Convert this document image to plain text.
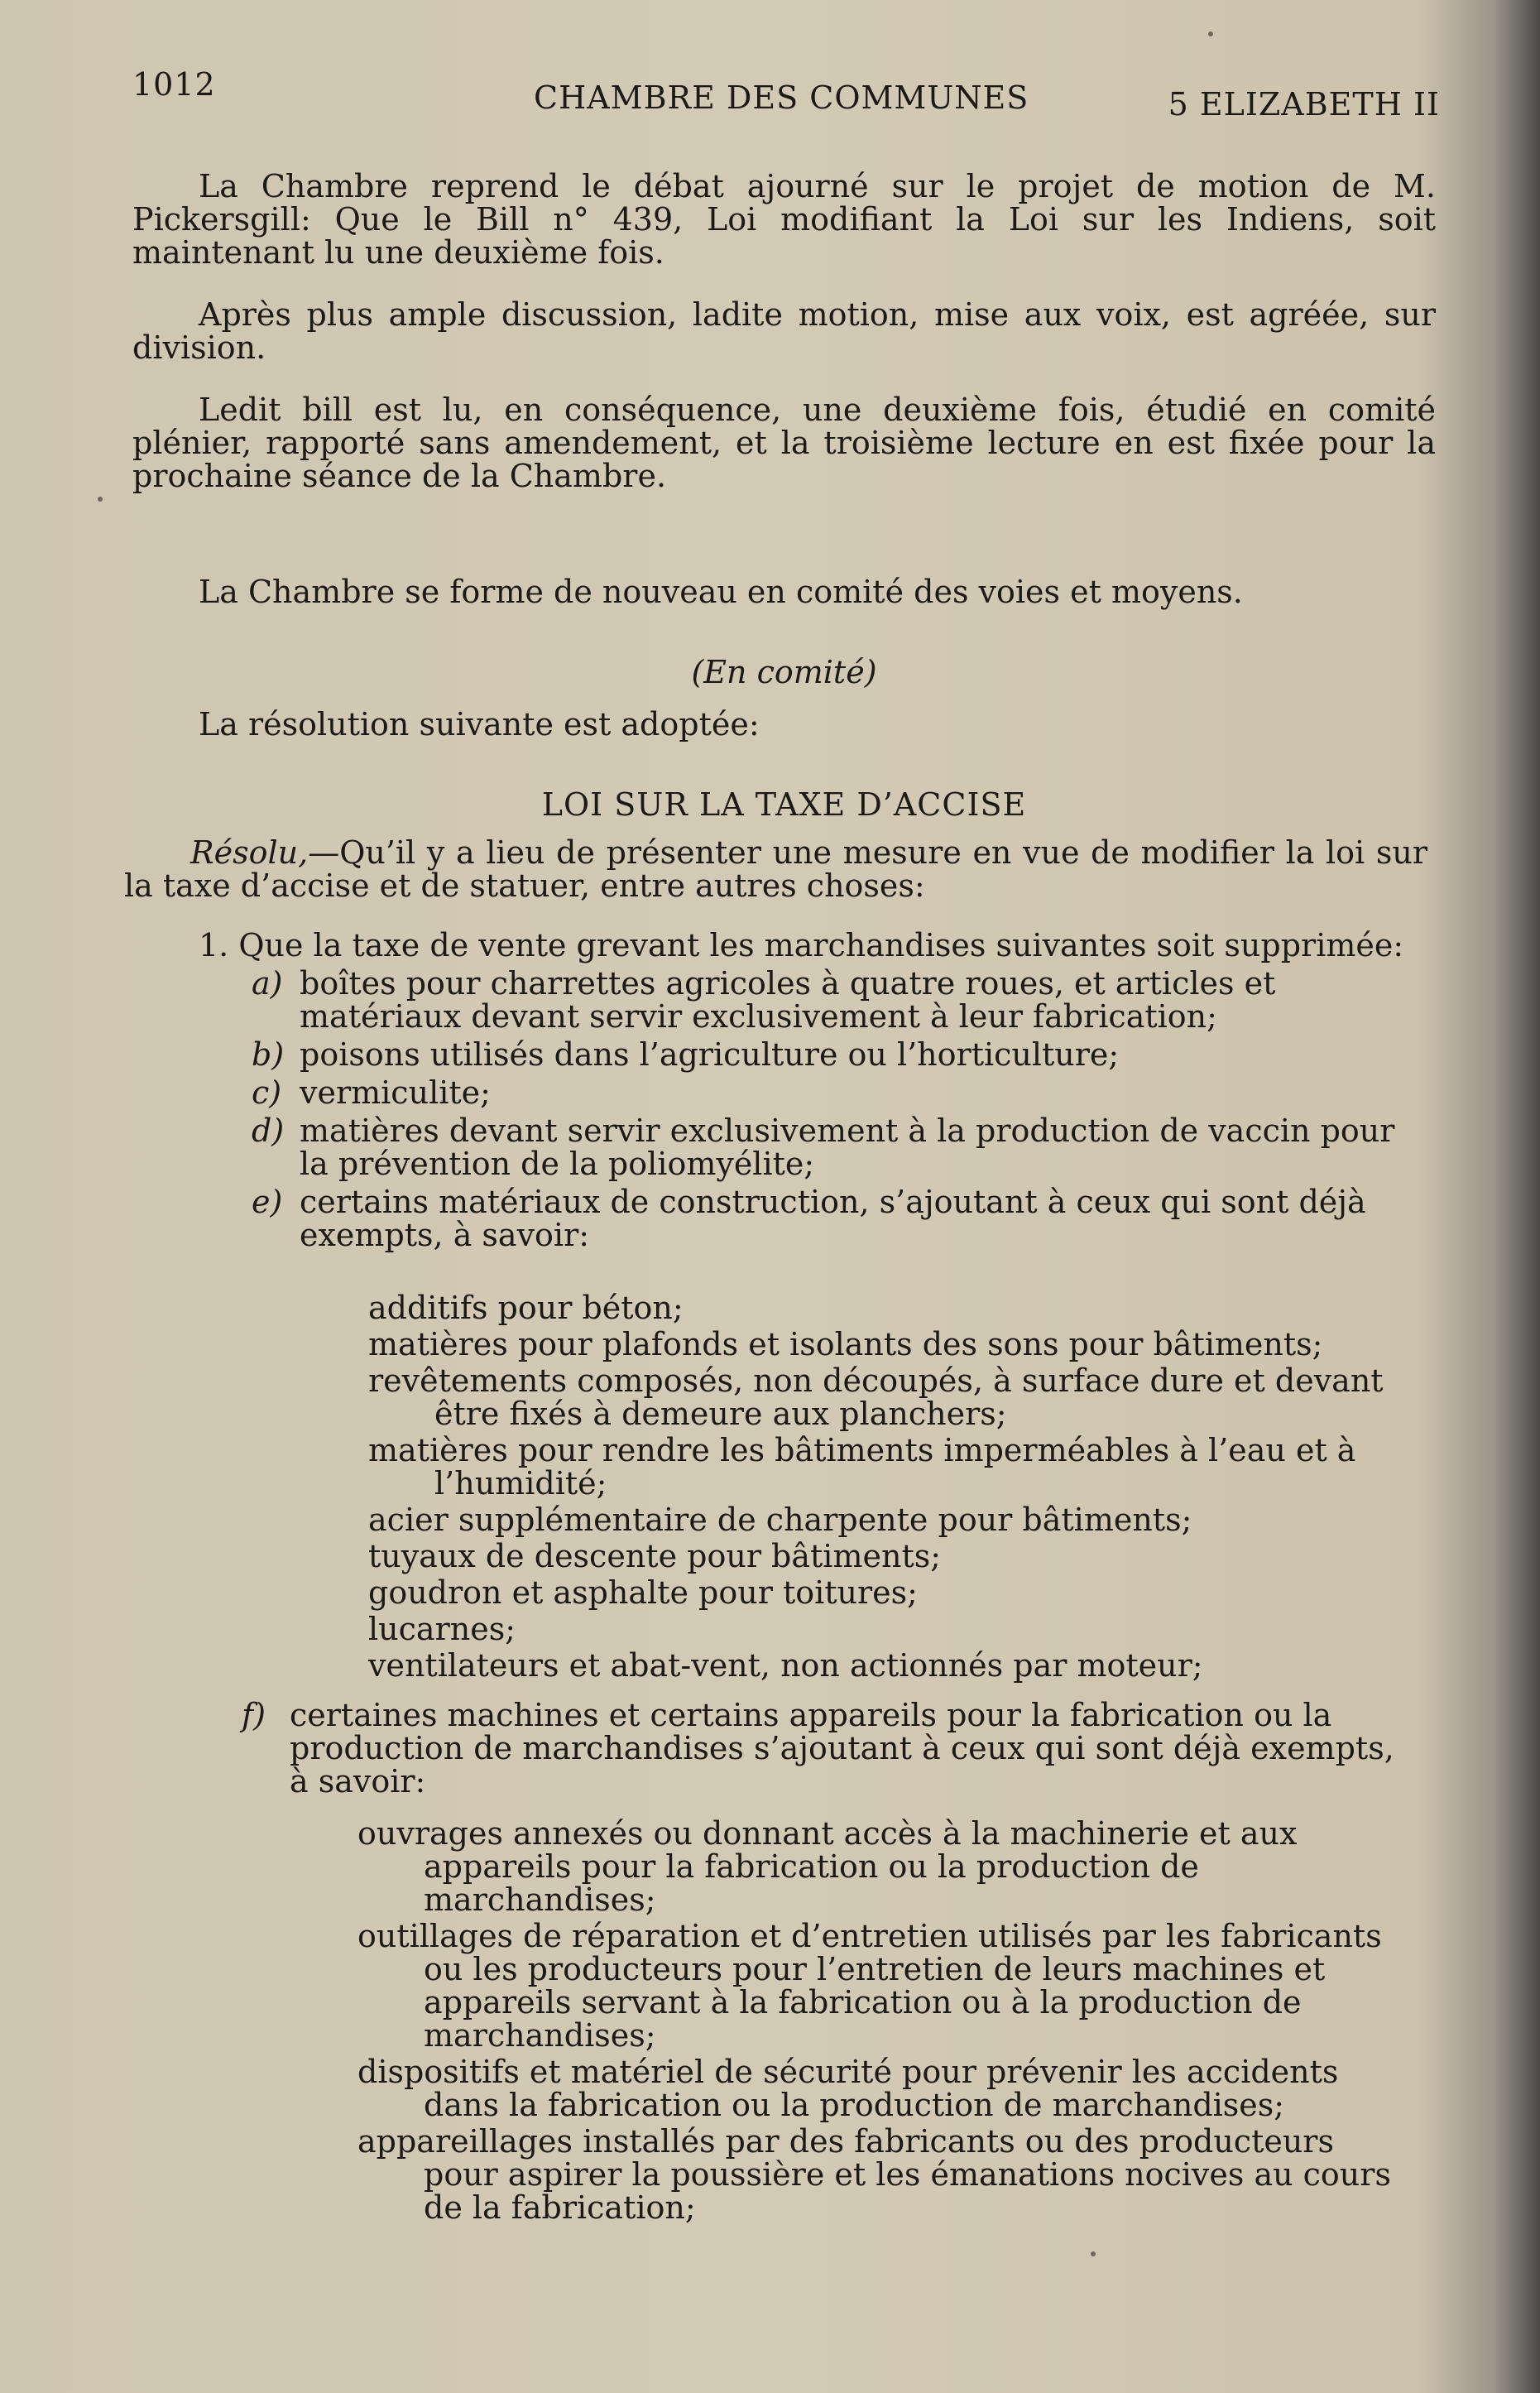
1012	CHAMBRE DES COMMUNES	5 ELIZABETH II
La Chambre reprend le débat ajourné sur le projet de motion de M. Pickersgill: Que le Bill n° 439, Loi modifiant la Loi sur les Indiens, soit maintenant lu une deuxième fois.
Après plus ample discussion, ladite motion, mise aux voix, est agréée, sur division.
Ledit bill est lu, en conséquence, une deuxième fois, étudié en comité plénier, rapporté sans amendement, et la troisième lecture en est fixée pour la prochaine séance de la Chambre.
La Chambre se forme de nouveau en comité des voies et moyens.
(En comité)
La résolution suivante est adoptée:
LOI SUR LA TAXE D’ACCISE
Résolu,—Qu’il y a lieu de présenter une mesure en vue de modifier la loi sur la taxe d’accise et de statuer, entre autres choses:
1. Que la taxe de vente grevant les marchandises suivantes soit supprimée:
a) boîtes pour charrettes agricoles à quatre roues, et articles et matériaux devant servir exclusivement à leur fabrication;
b) poisons utilisés dans l’agriculture ou l’horticulture;
c) vermiculite;
d) matières devant servir exclusivement à la production de vaccin pour la prévention de la poliomyélite;
e) certains matériaux de construction, s’ajoutant à ceux qui sont déjà exempts, à savoir:
additifs pour béton;
matières pour plafonds et isolants des sons pour bâtiments;
revêtements composés, non découpés, à surface dure et devant être fixés à demeure aux planchers;
matières pour rendre les bâtiments imperméables à l’eau et à l’humidité;
acier supplémentaire de charpente pour bâtiments;
tuyaux de descente pour bâtiments;
goudron et asphalte pour toitures;
lucarnes;
ventilateurs et abat-vent, non actionnés par moteur;
f) certaines machines et certains appareils pour la fabrication ou la production de marchandises s’ajoutant à ceux qui sont déjà exempts, à savoir:
ouvrages annexés ou donnant accès à la machinerie et aux appareils pour la fabrication ou la production de marchandises;
outillages de réparation et d’entretien utilisés par les fabricants ou les producteurs pour l’entretien de leurs machines et appareils servant à la fabrication ou à la production de marchandises;
dispositifs et matériel de sécurité pour prévenir les accidents dans la fabrication ou la production de marchandises;
appareillages installés par des fabricants ou des producteurs pour aspirer la poussière et les émanations nocives au cours de la fabrication;
